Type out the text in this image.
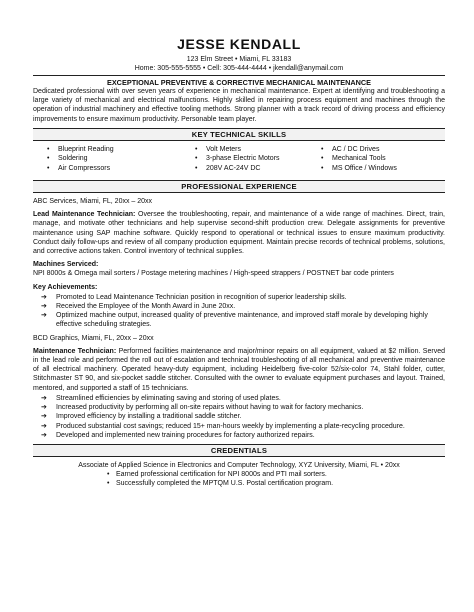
JESSE KENDALL
123 Elm Street • Miami, FL 33183
Home: 305-555-5555 • Cell: 305-444-4444 • jkendall@anymail.com
EXCEPTIONAL PREVENTIVE & CORRECTIVE MECHANICAL MAINTENANCE
Dedicated professional with over seven years of experience in mechanical maintenance. Expert at identifying and troubleshooting a large variety of mechanical and electrical malfunctions. Highly skilled in repairing process equipment and machines through the operation of industrial machinery and effective tooling methods. Strong planner with a track record of driving process and efficiency improvements to ensure maximum productivity. Personable team player.
KEY TECHNICAL SKILLS
• Blueprint Reading
• Soldering
• Air Compressors
• Volt Meters
• 3-phase Electric Motors
• 208V AC-24V DC
• AC / DC Drives
• Mechanical Tools
• MS Office / Windows
PROFESSIONAL EXPERIENCE
ABC Services, Miami, FL, 20xx – 20xx
Lead Maintenance Technician: Oversee the troubleshooting, repair, and maintenance of a wide range of machines. Direct, train, manage, and motivate other technicians and help supervise second-shift production crew. Delegate assignments for preventive maintenance using SAP machine software. Quickly respond to operational or technical issues to ensure maximum productivity. Conduct daily follow-ups and review of all company production equipment. Maintain precise records of technical problems, solutions, and corrective actions taken. Control inventory of technical supplies.
Machines Serviced:
NPI 8000s & Omega mail sorters / Postage metering machines / High-speed strappers / POSTNET bar code printers
Key Achievements:
➔ Promoted to Lead Maintenance Technician position in recognition of superior leadership skills.
➔ Received the Employee of the Month Award in June 20xx.
➔ Optimized machine output, increased quality of preventive maintenance, and improved staff morale by developing highly effective scheduling strategies.
BCD Graphics, Miami, FL, 20xx – 20xx
Maintenance Technician: Performed facilities maintenance and major/minor repairs on all equipment, valued at $2 million. Served in the lead role and performed the roll out of escalation and technical troubleshooting of all mechanical and preventive maintenance of all electrical machinery. Operated heavy-duty equipment, including Heidelberg five-color 52/six-color 74, Stahl folder, cutter, Stitchmaster ST 90, and six-pocket saddle stitcher. Consulted with the owner to evaluate equipment purchases and layout. Trained, mentored, and supported a staff of 15 technicians.
➔ Streamlined efficiencies by eliminating saving and storing of used plates.
➔ Increased productivity by performing all on-site repairs without having to wait for factory mechanics.
➔ Improved efficiency by installing a traditional saddle stitcher.
➔ Produced substantial cost savings; reduced 15+ man-hours weekly by implementing a plate-recycling procedure.
➔ Developed and implemented new training procedures for factory authorized repairs.
CREDENTIALS
Associate of Applied Science in Electronics and Computer Technology, XYZ University, Miami, FL • 20xx
• Earned professional certification for NPI 8000s and PTI mail sorters.
• Successfully completed the MPTQM U.S. Postal certification program.
